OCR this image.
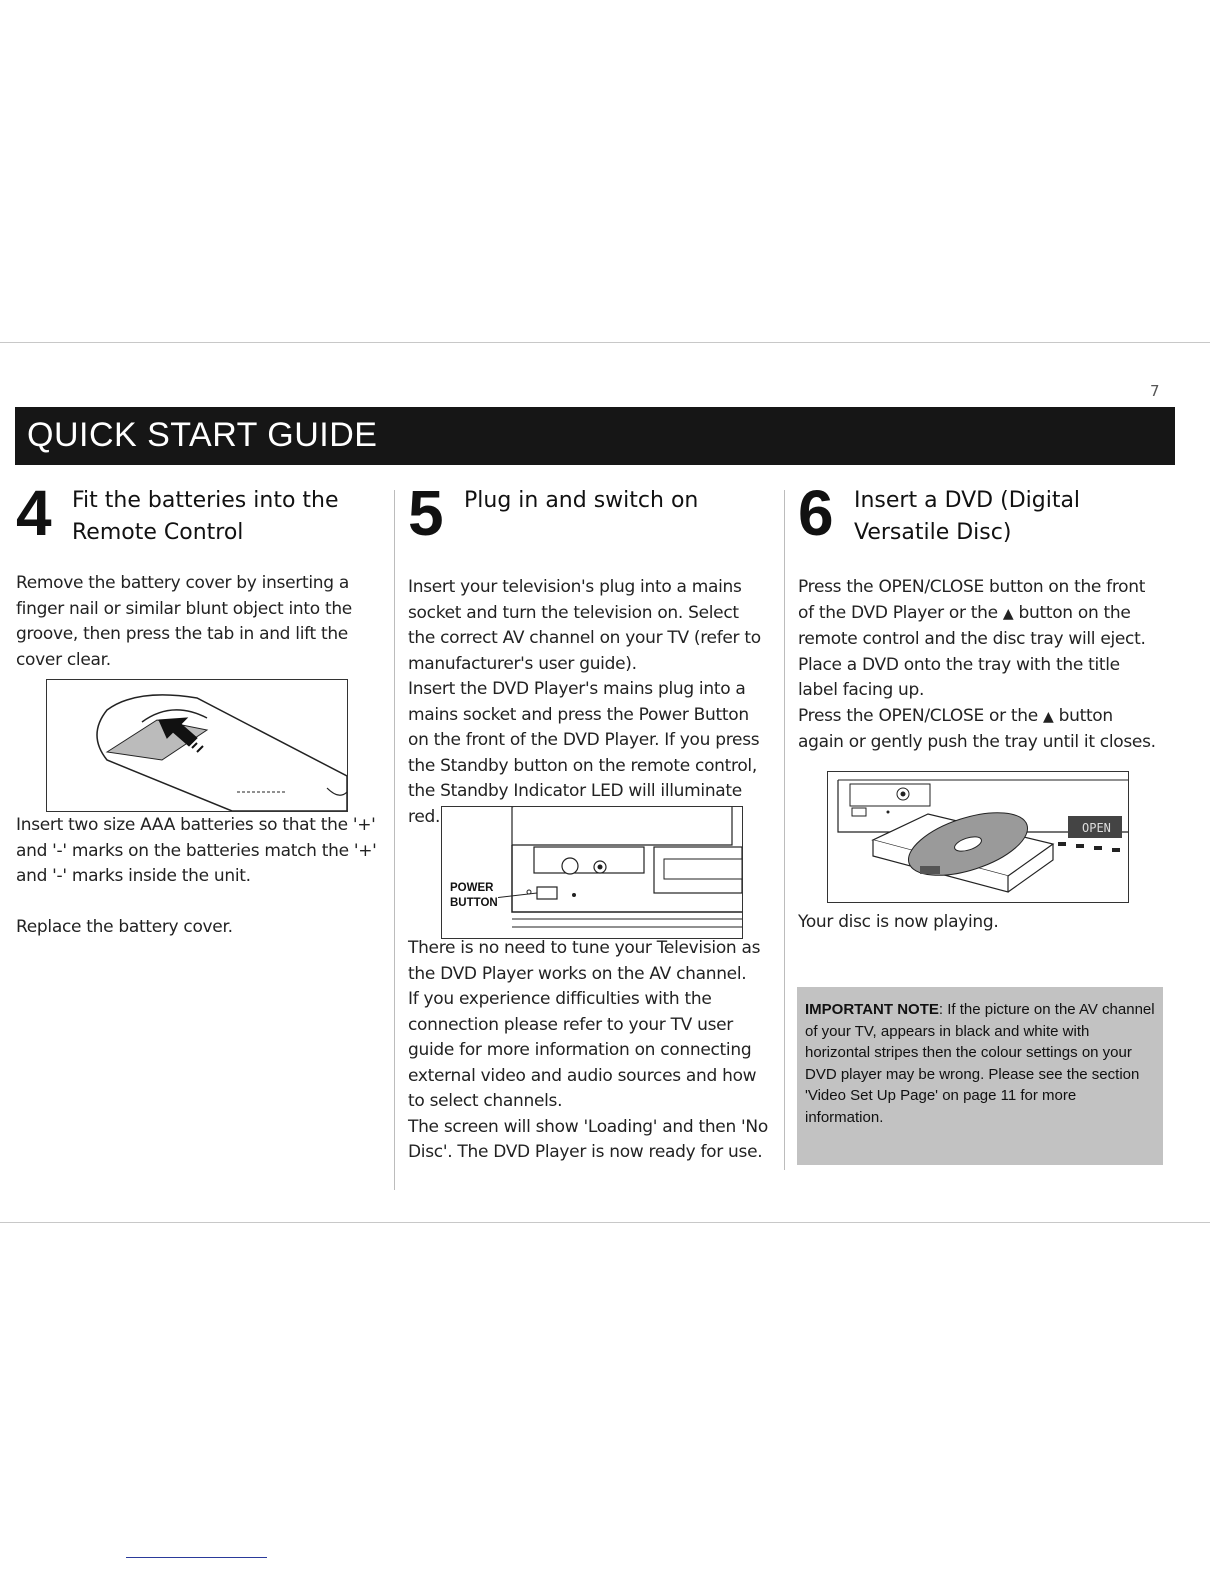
7
QUICK START GUIDE
4 Fit the batteries into the
Remote Control

Remove the battery cover by inserting a finger nail or similar blunt object into the groove, then press the tab in and lift the cover clear.

Insert two size AAA batteries so that the '+' and '-' marks on the batteries match the '+' and '-' marks inside the unit.

Replace the battery cover.

5 Plug in and switch on

Insert your television's plug into a mains socket and turn the television on. Select the correct AV channel on your TV (refer to manufacturer's user guide).

Insert the DVD Player's mains plug into a mains socket and press the Power Button on the front of the DVD Player. If you press the Standby button on the remote control, the Standby Indicator LED will illuminate red.

POWER
BUTTON

There is no need to tune your Television as the DVD Player works on the AV channel.

If you experience difficulties with the connection please refer to your TV user guide for more information on connecting external video and audio sources and how to select channels.

The screen will show 'Loading' and then 'No Disc'. The DVD Player is now ready for use.

6 Insert a DVD (Digital
Versatile Disc)

Press the OPEN/CLOSE button on the front of the DVD Player or the ▲ button on the remote control and the disc tray will eject.

Place a DVD onto the tray with the title label facing up.

Press the OPEN/CLOSE or the ▲ button again or gently push the tray until it closes.

OPEN

Your disc is now playing.

IMPORTANT NOTE: If the picture on the AV channel of your TV, appears in black and white with horizontal stripes then the colour settings on your DVD player may be wrong. Please see the section 'Video Set Up Page' on page 11 for more information.
